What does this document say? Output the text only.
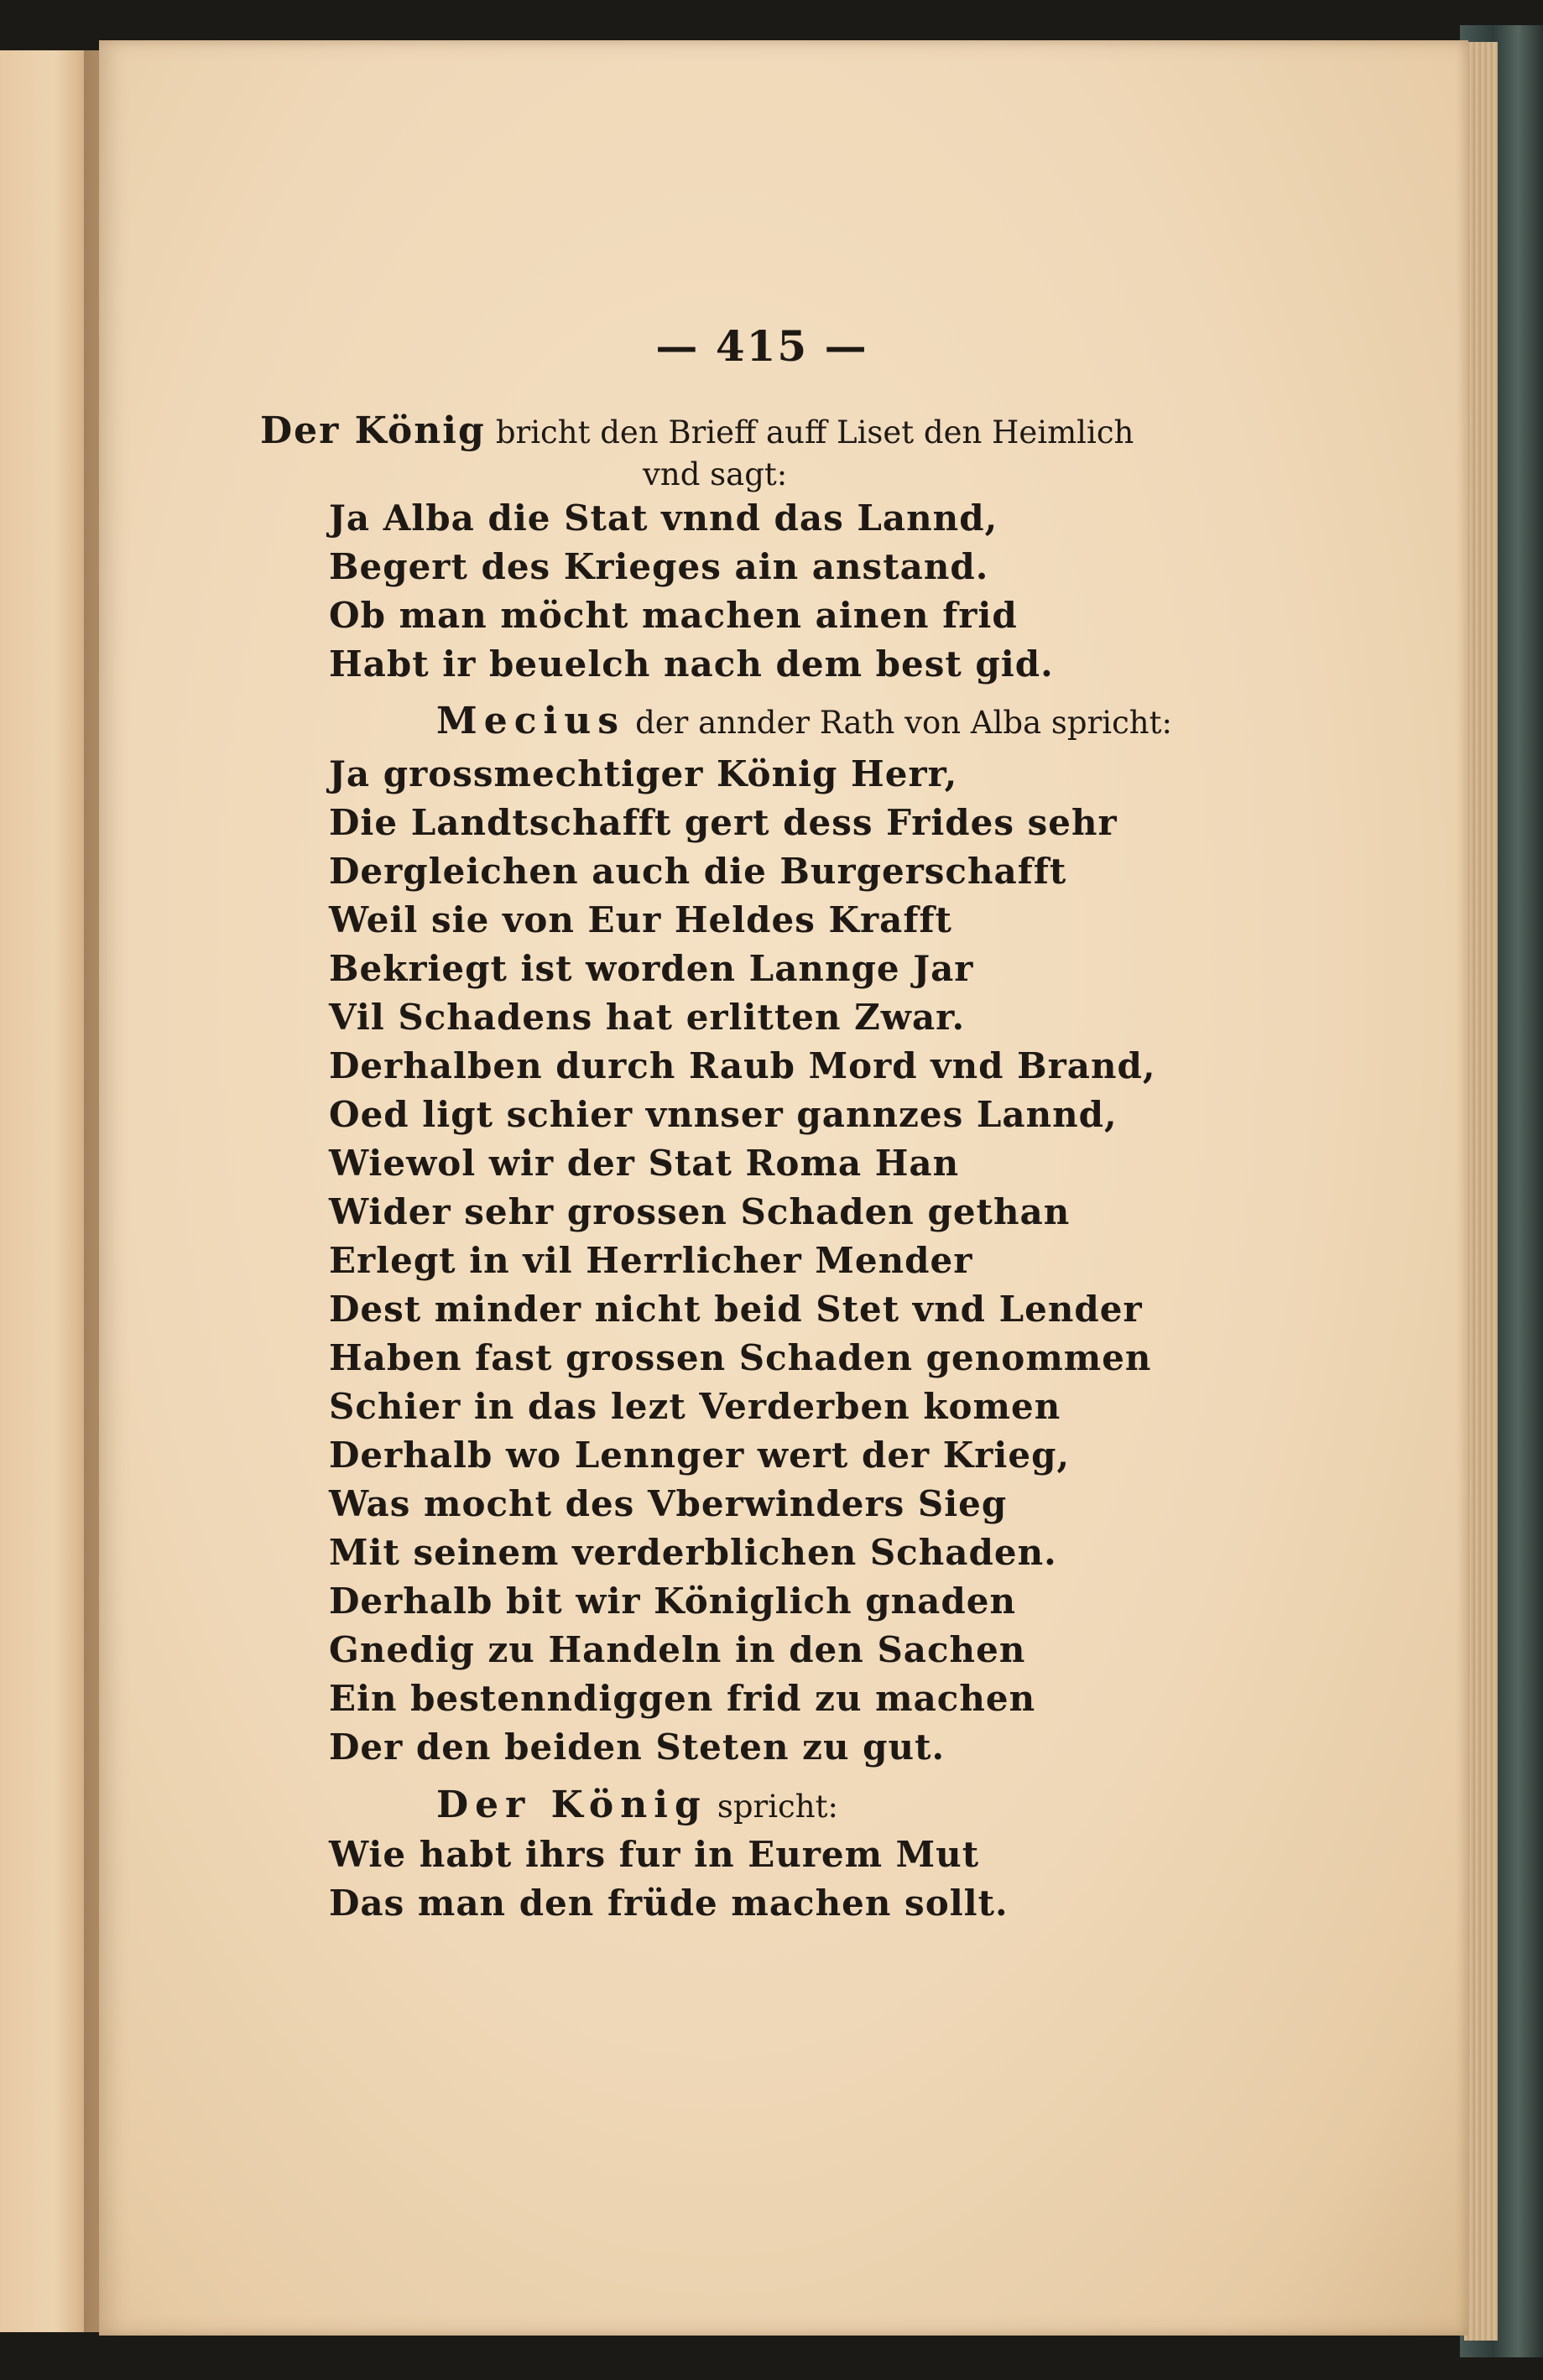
— 415 —
Der König bricht den Brieff auff Liset den Heimlich
vnd sagt:
Ja Alba die Stat vnnd das Lannd,
Begert des Krieges ain anstand.
Ob man möcht machen ainen frid
Habt ir beuelch nach dem best gid.
Mecius der annder Rath von Alba spricht:
Ja grossmechtiger König Herr,
Die Landtschafft gert dess Frides sehr
Dergleichen auch die Burgerschafft
Weil sie von Eur Heldes Krafft
Bekriegt ist worden Lannge Jar
Vil Schadens hat erlitten Zwar.
Derhalben durch Raub Mord vnd Brand,
Oed ligt schier vnnser gannzes Lannd,
Wiewol wir der Stat Roma Han
Wider sehr grossen Schaden gethan
Erlegt in vil Herrlicher Mender
Dest minder nicht beid Stet vnd Lender
Haben fast grossen Schaden genommen
Schier in das lezt Verderben komen
Derhalb wo Lennger wert der Krieg,
Was mocht des Vberwinders Sieg
Mit seinem verderblichen Schaden.
Derhalb bit wir Königlich gnaden
Gnedig zu Handeln in den Sachen
Ein bestenndiggen frid zu machen
Der den beiden Steten zu gut.
Der König spricht:
Wie habt ihrs fur in Eurem Mut
Das man den früde machen sollt.
